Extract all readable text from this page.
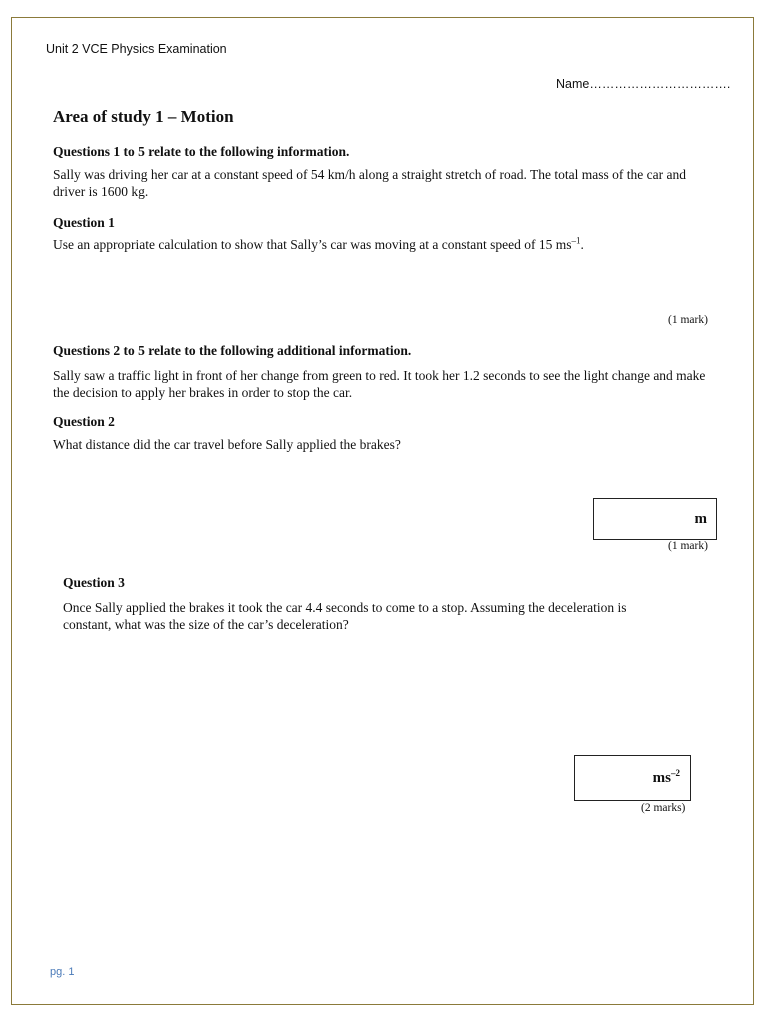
Unit 2 VCE Physics Examination
Name…………………………….
Area of study 1 – Motion
Questions 1 to 5 relate to the following information.
Sally was driving her car at a constant speed of 54 km/h along a straight stretch of road. The total mass of the car and driver is 1600 kg.
Question 1
Use an appropriate calculation to show that Sally’s car was moving at a constant speed of 15 $ms^{-1}$.
(1 mark)
Questions 2 to 5 relate to the following additional information.
Sally saw a traffic light in front of her change from green to red. It took her 1.2 seconds to see the light change and make the decision to apply her brakes in order to stop the car.
Question 2
What distance did the car travel before Sally applied the brakes?
m
(1 mark)
Question 3
Once Sally applied the brakes it took the car 4.4 seconds to come to a stop. Assuming the deceleration is constant, what was the size of the car’s deceleration?
$ms^{-2}$
(2 marks)
pg. 1
